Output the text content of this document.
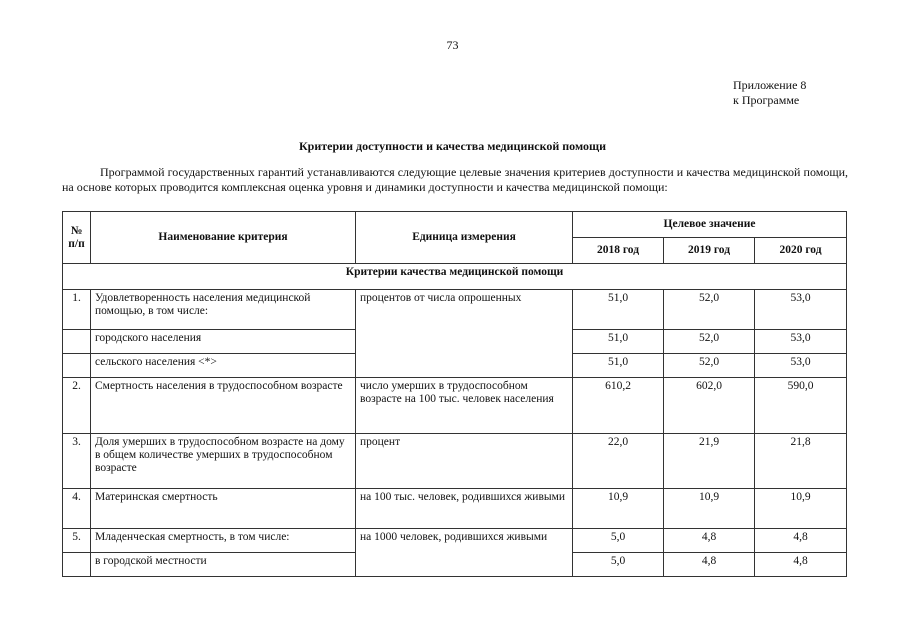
73
Приложение 8
к Программе
Критерии доступности и качества медицинской помощи
Программой государственных гарантий устанавливаются следующие целевые значения критериев доступности и качества медицинской помощи, на основе которых проводится комплексная оценка уровня и динамики доступности и качества медицинской помощи:
№ п/п	Наименование критерия	Единица измерения	Целевое значение		
			2018 год	2019 год	2020 год
Критерии качества медицинской помощи					
1.	Удовлетворенность населения медицинской помощью, в том числе:	процентов от числа опрошенных	51,0	52,0	53,0
	городского населения		51,0	52,0	53,0
	сельского населения <*>		51,0	52,0	53,0
2.	Смертность населения в трудоспособном возрасте	число умерших в трудоспособном возрасте на 100 тыс. человек населения	610,2	602,0	590,0
3.	Доля умерших в трудоспособном возрасте на дому в общем количестве умерших в трудоспособном возрасте	процент	22,0	21,9	21,8
4.	Материнская смертность	на 100 тыс. человек, родившихся живыми	10,9	10,9	10,9
5.	Младенческая смертность, в том числе:	на 1000 человек, родившихся живыми	5,0	4,8	4,8
	в городской местности		5,0	4,8	4,8
